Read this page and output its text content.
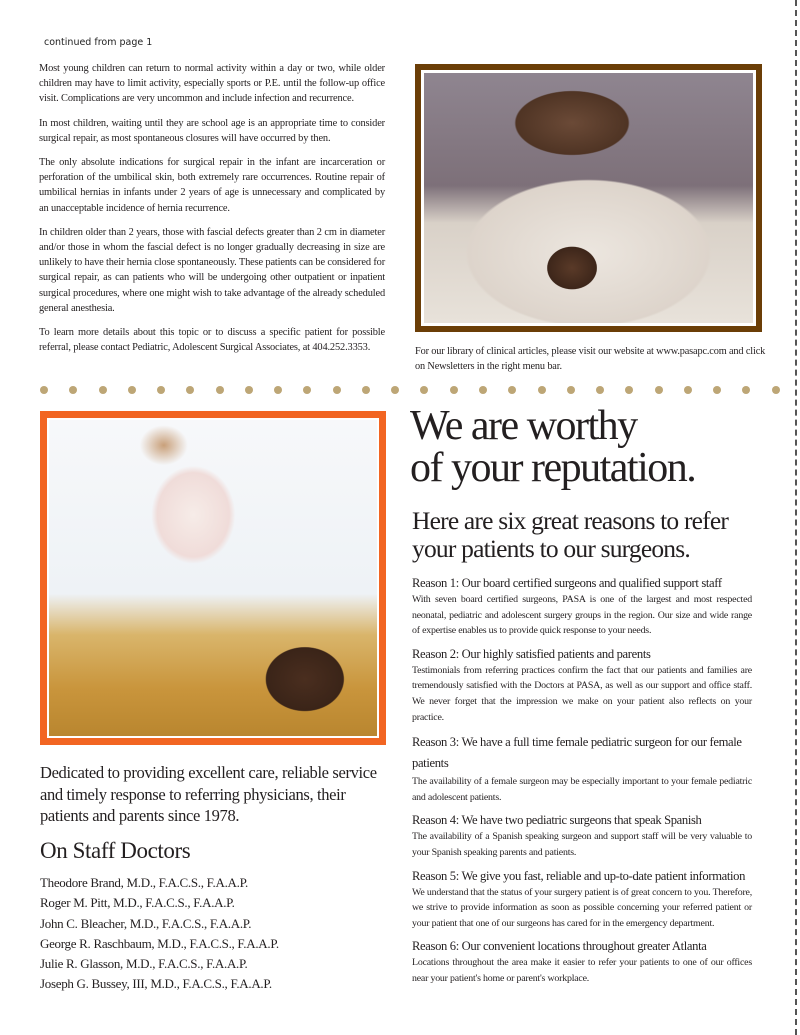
continued from page 1

Most young children can return to normal activity within a day or two, while older children may have to limit activity, especially sports or P.E. until the follow-up office visit. Complications are very uncommon and include infection and recurrence.

In most children, waiting until they are school age is an appropriate time to consider surgical repair, as most spontaneous closures will have occurred by then.

The only absolute indications for surgical repair in the infant are incarceration or perforation of the umbilical skin, both extremely rare occurrences. Routine repair of umbilical hernias in infants under 2 years of age is unnecessary and complicated by an unacceptable incidence of hernia recurrence.

In children older than 2 years, those with fascial defects greater than 2 cm in diameter and/or those in whom the fascial defect is no longer gradually decreasing in size are unlikely to have their hernia close spontaneously. These patients can be considered for surgical repair, as can patients who will be undergoing other outpatient or inpatient surgical procedures, where one might wish to take advantage of the already scheduled general anesthesia.

To learn more details about this topic or to discuss a specific patient for possible referral, please contact Pediatric, Adolescent Surgical Associates, at 404.252.3353.	For our library of clinical articles, please visit our website at www.pasapc.com and click on Newsletters in the right menu bar.
Dedicated to providing excellent care, reliable service and timely response to referring physicians, their patients and parents since 1978.
On Staff Doctors
Theodore Brand, M.D., F.A.C.S., F.A.A.P.
Roger M. Pitt, M.D., F.A.C.S., F.A.A.P.
John C. Bleacher, M.D., F.A.C.S., F.A.A.P.
George R. Raschbaum, M.D., F.A.C.S., F.A.A.P.
Julie R. Glasson, M.D., F.A.C.S., F.A.A.P.
Joseph G. Bussey, III, M.D., F.A.C.S., F.A.A.P.
We are worthy
of your reputation.
Here are six great reasons to refer
your patients to our surgeons.
Reason 1: Our board certified surgeons and qualified support staff

With seven board certified surgeons, PASA is one of the largest and most respected neonatal, pediatric and adolescent surgery groups in the region. Our size and wide range of expertise enables us to provide quick response to your needs.

Reason 2: Our highly satisfied patients and parents

Testimonials from referring practices confirm the fact that our patients and families are tremendously satisfied with the Doctors at PASA, as well as our support and office staff. We never forget that the impression we make on your patient also reflects on your practice.

Reason 3: We have a full time female pediatric surgeon for our female patients

The availability of a female surgeon may be especially important to your female pediatric and adolescent patients.

Reason 4: We have two pediatric surgeons that speak Spanish

The availability of a Spanish speaking surgeon and support staff will be very valuable to your Spanish speaking parents and patients.

Reason 5: We give you fast, reliable and up-to-date patient information

We understand that the status of your surgery patient is of great concern to you. Therefore, we strive to provide information as soon as possible concerning your referred patient or your patient that one of our surgeons has cared for in the emergency department.

Reason 6: Our convenient locations throughout greater Atlanta

Locations throughout the area make it easier to refer your patients to one of our offices near your patient's home or parent's workplace.
